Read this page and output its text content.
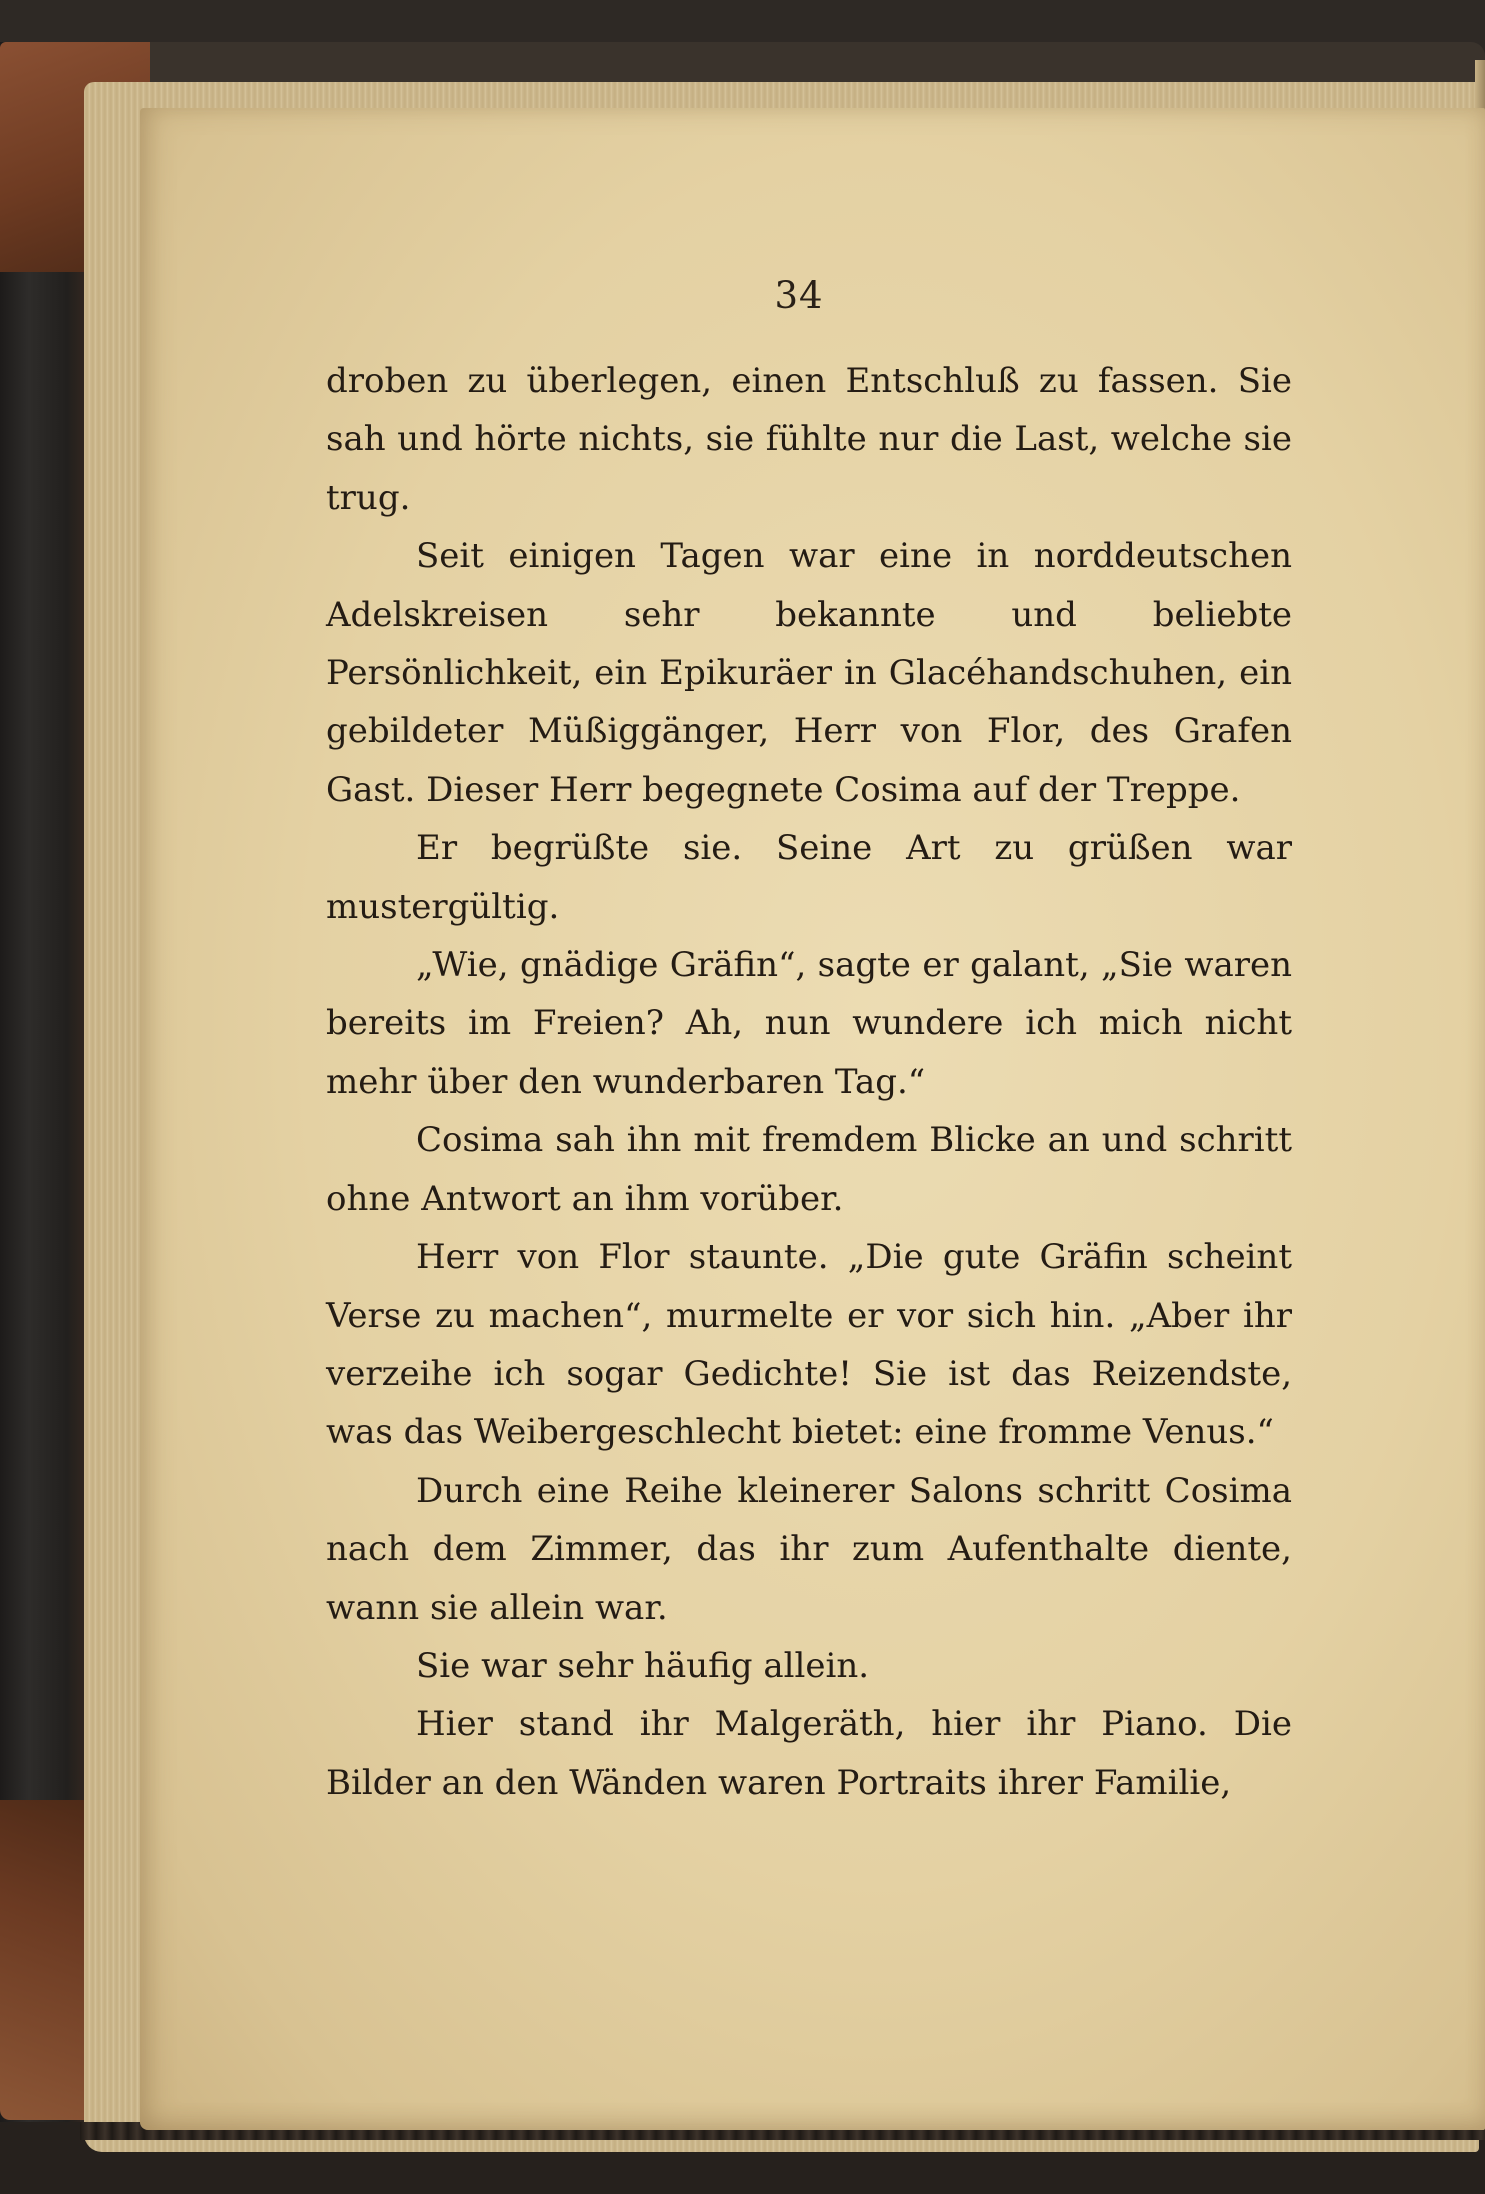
34

droben zu überlegen, einen Entschluß zu fassen. Sie sah und hörte nichts, sie fühlte nur die Last, welche sie trug.

Seit einigen Tagen war eine in norddeutschen Adelskreisen sehr bekannte und beliebte Persönlichkeit, ein Epikuräer in Glacéhandschuhen, ein gebildeter Müßiggänger, Herr von Flor, des Grafen Gast. Dieser Herr begegnete Cosima auf der Treppe.

Er begrüßte sie. Seine Art zu grüßen war mustergültig.

„Wie, gnädige Gräfin“, sagte er galant, „Sie waren bereits im Freien? Ah, nun wundere ich mich nicht mehr über den wunderbaren Tag.“

Cosima sah ihn mit fremdem Blicke an und schritt ohne Antwort an ihm vorüber.

Herr von Flor staunte. „Die gute Gräfin scheint Verse zu machen“, murmelte er vor sich hin. „Aber ihr verzeihe ich sogar Gedichte! Sie ist das Reizendste, was das Weibergeschlecht bietet: eine fromme Venus.“

Durch eine Reihe kleinerer Salons schritt Cosima nach dem Zimmer, das ihr zum Aufenthalte diente, wann sie allein war.

Sie war sehr häufig allein.

Hier stand ihr Malgeräth, hier ihr Piano. Die Bilder an den Wänden waren Portraits ihrer Familie,
